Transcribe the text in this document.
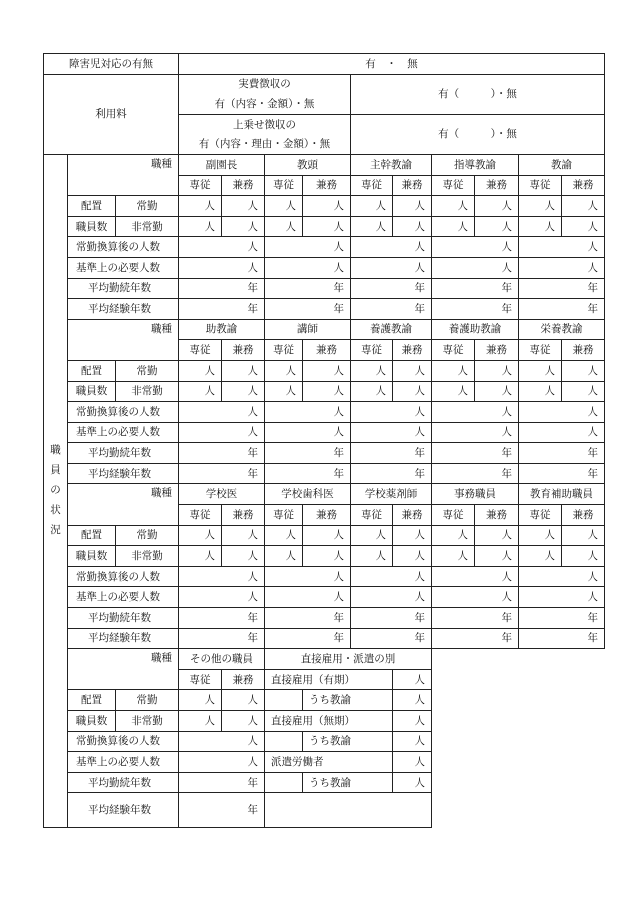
障害児対応の有無			有　・　無									
利用料			実費徴収の				有（　　　）・無					
			有（内容・金額）・無									
			上乗せ徴収の				有（　　　）・無					
			有（内容・理由・金額）・無									
職員の状況	職種		副園長		教頭		主幹教諭		指導教諭		教諭	
			専従	兼務	専従	兼務	専従	兼務	専従	兼務	専従	兼務
	配置	常勤	人	人	人	人	人	人	人	人	人	人
	職員数	非常勤	人	人	人	人	人	人	人	人	人	人
	常勤換算後の人数		人		人		人		人		人	
	基準上の必要人数		人		人		人		人		人	
	平均勤続年数		年		年		年		年		年	
	平均経験年数		年		年		年		年		年	
	職種		助教諭		講師		養護教諭		養護助教諭		栄養教諭	
			専従	兼務	専従	兼務	専従	兼務	専従	兼務	専従	兼務
	配置	常勤	人	人	人	人	人	人	人	人	人	人
	職員数	非常勤	人	人	人	人	人	人	人	人	人	人
	常勤換算後の人数		人		人		人		人		人	
	基準上の必要人数		人		人		人		人		人	
	平均勤続年数		年		年		年		年		年	
	平均経験年数		年		年		年		年		年	
	職種		学校医		学校歯科医		学校薬剤師		事務職員		教育補助職員	
			専従	兼務	専従	兼務	専従	兼務	専従	兼務	専従	兼務
	配置	常勤	人	人	人	人	人	人	人	人	人	人
	職員数	非常勤	人	人	人	人	人	人	人	人	人	人
	常勤換算後の人数		人		人		人		人		人	
	基準上の必要人数		人		人		人		人		人	
	平均勤続年数		年		年		年		年		年	
	平均経験年数		年		年		年		年		年	
	職種		その他の職員		直接雇用・派遣の別							
			専従	兼務	直接雇用（有期）			人				
	配置	常勤	人	人		うち教諭		人				
	職員数	非常勤	人	人	直接雇用（無期）			人				
	常勤換算後の人数		人			うち教諭		人				
	基準上の必要人数		人		派遣労働者			人				
	平均勤続年数		年			うち教諭		人				
	平均経験年数		年									
